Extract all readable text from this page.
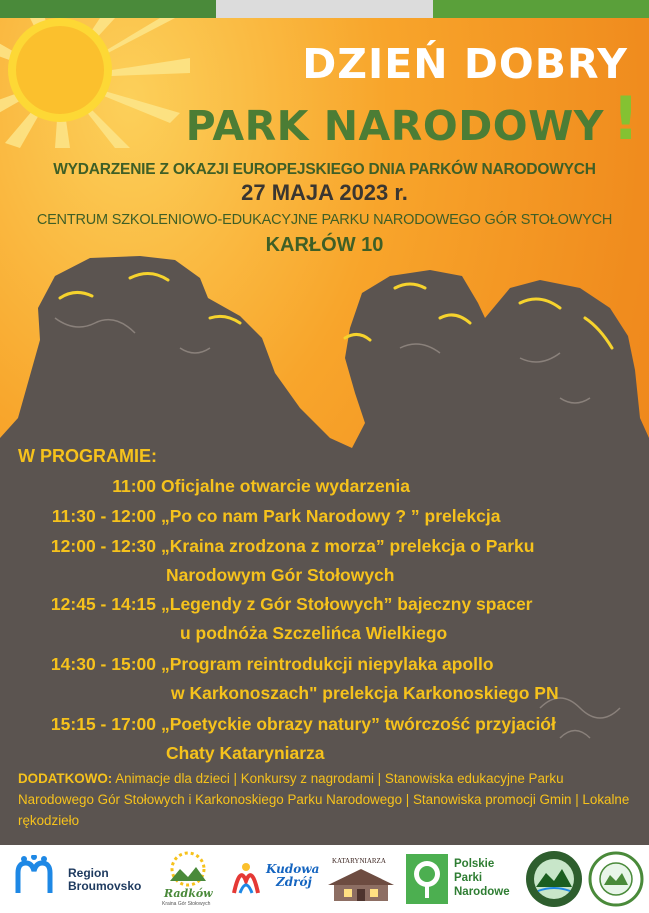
DZIEŃ DOBRY
PARK NARODOWY !
WYDARZENIE Z OKAZJI EUROPEJSKIEGO DNIA PARKÓW NARODOWYCH
27 MAJA 2023 r.
CENTRUM SZKOLENIOWO-EDUKACYJNE PARKU NARODOWEGO GÓR STOŁOWYCH
KARŁÓW 10
W PROGRAMIE:
11:00 Oficjalne otwarcie wydarzenia
11:30 - 12:00 „Po co nam Park Narodowy ? ” prelekcja
12:00 - 12:30 „Kraina zrodzona z morza” prelekcja o Parku
Narodowym Gór Stołowych
12:45 - 14:15 „Legendy z Gór Stołowych” bajeczny spacer
u podnóża Szczelińca Wielkiego
14:30 - 15:00 „Program reintrodukcji niepylaka apollo
w Karkonoszach" prelekcja Karkonoskiego PN
15:15 - 17:00 „Poetyckie obrazy natury” twórczość przyjaciół
Chaty Kataryniarza
DODATKOWO: Animacje dla dzieci | Konkursy z nagrodami | Stanowiska edukacyjne Parku Narodowego Gór Stołowych i Karkonoskiego Parku Narodowego | Stanowiska promocji Gmin | Lokalne rękodzieło
Region
Broumovsko
Radków
Kraina Gór Stołowych
Kudowa
Zdrój
KATARYNIARZA	Polskie
Parki
Narodowe
